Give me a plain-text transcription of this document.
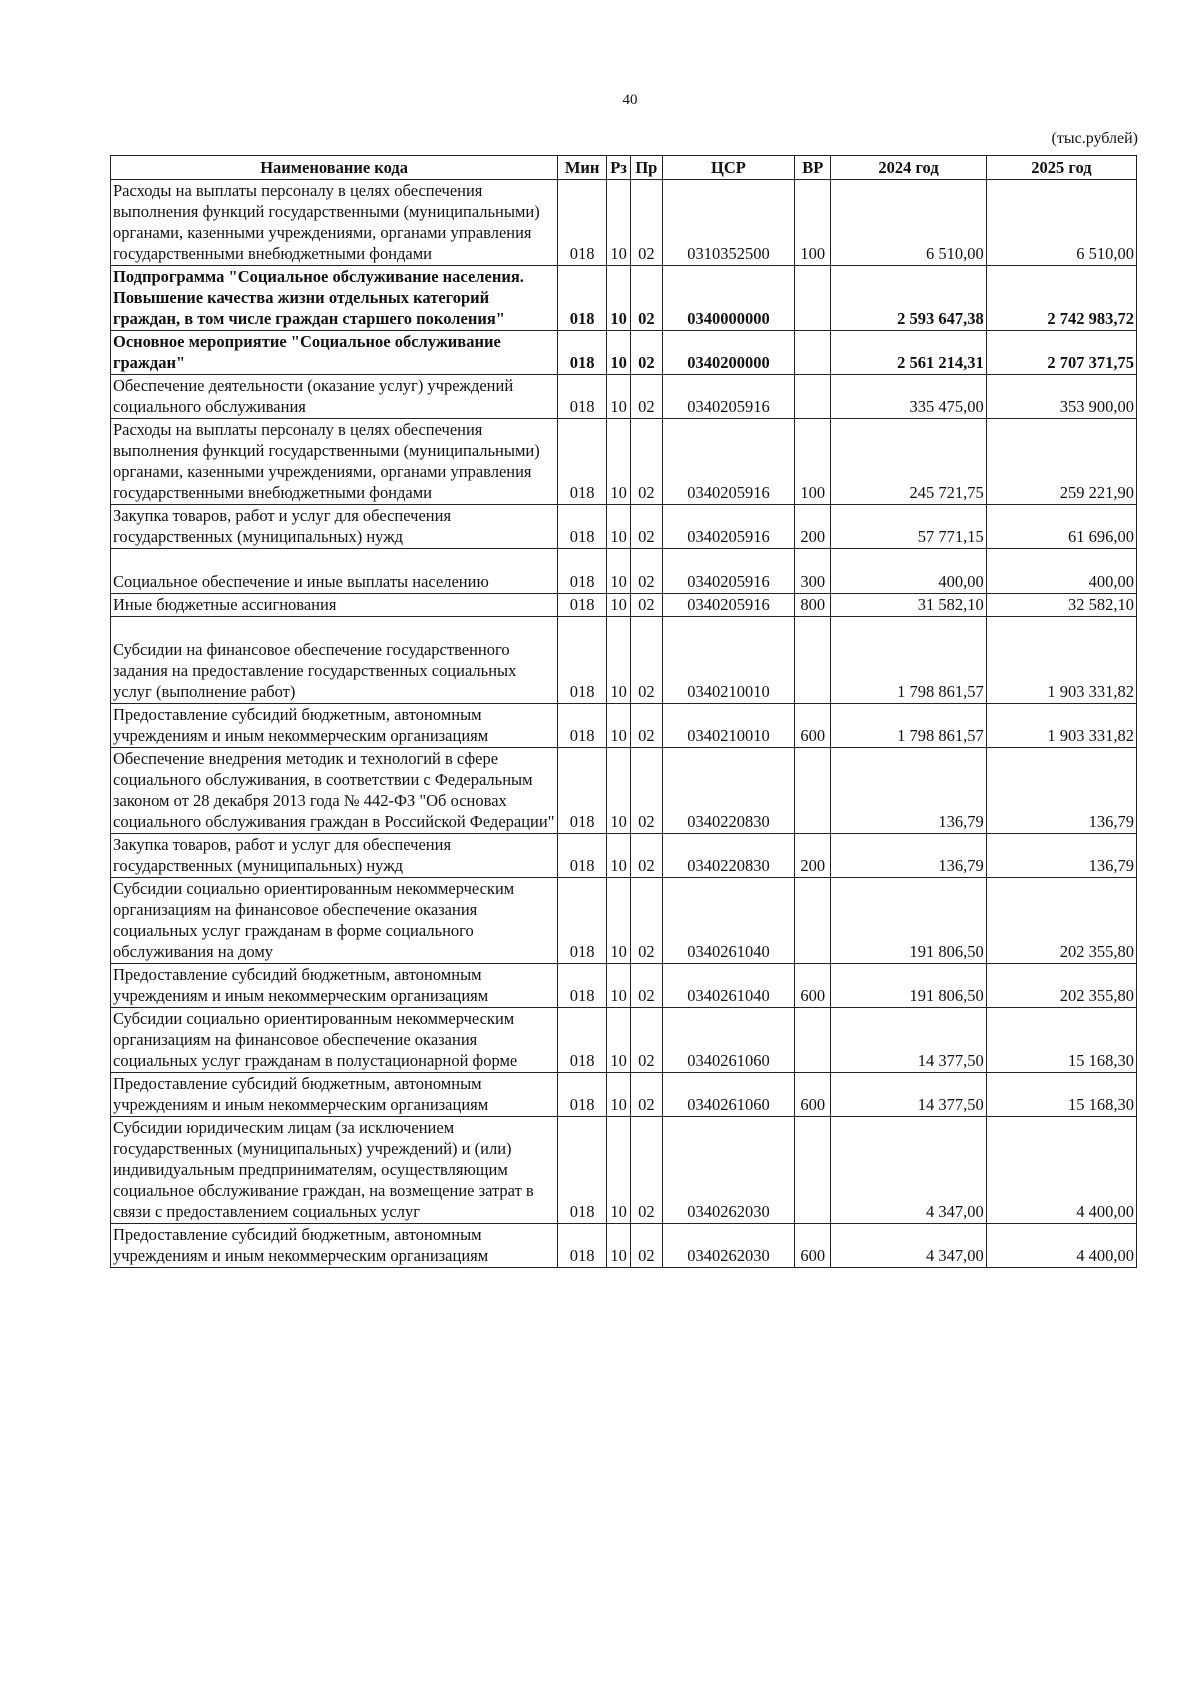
40
(тыс.рублей)
Наименование кода	Мин	Рз	Пр	ЦСР	ВР	2024 год	2025 год
Расходы на выплаты персоналу в целях обеспечения выполнения функций государственными (муниципальными) органами, казенными учреждениями, органами управления государственными внебюджетными фондами	018	10	02	0310352500	100	6 510,00	6 510,00
Подпрограмма "Социальное обслуживание населения. Повышение качества жизни отдельных категорий граждан, в том числе граждан старшего поколения"	018	10	02	0340000000		2 593 647,38	2 742 983,72
Основное мероприятие "Социальное обслуживание граждан"	018	10	02	0340200000		2 561 214,31	2 707 371,75
Обеспечение деятельности (оказание услуг) учреждений социального обслуживания	018	10	02	0340205916		335 475,00	353 900,00
Расходы на выплаты персоналу в целях обеспечения выполнения функций государственными (муниципальными) органами, казенными учреждениями, органами управления государственными внебюджетными фондами	018	10	02	0340205916	100	245 721,75	259 221,90
Закупка товаров, работ и услуг для обеспечения государственных (муниципальных) нужд	018	10	02	0340205916	200	57 771,15	61 696,00
Социальное обеспечение и иные выплаты населению	018	10	02	0340205916	300	400,00	400,00
Иные бюджетные ассигнования	018	10	02	0340205916	800	31 582,10	32 582,10
Субсидии на финансовое обеспечение государственного задания на предоставление государственных социальных услуг (выполнение работ)	018	10	02	0340210010		1 798 861,57	1 903 331,82
Предоставление субсидий бюджетным, автономным учреждениям и иным некоммерческим организациям	018	10	02	0340210010	600	1 798 861,57	1 903 331,82
Обеспечение внедрения методик и технологий в сфере социального обслуживания, в соответствии с Федеральным законом от 28 декабря 2013 года № 442-ФЗ "Об основах социального обслуживания граждан в Российской Федерации"	018	10	02	0340220830		136,79	136,79
Закупка товаров, работ и услуг для обеспечения государственных (муниципальных) нужд	018	10	02	0340220830	200	136,79	136,79
Субсидии социально ориентированным некоммерческим организациям на финансовое обеспечение оказания социальных услуг гражданам в форме социального обслуживания на дому	018	10	02	0340261040		191 806,50	202 355,80
Предоставление субсидий бюджетным, автономным учреждениям и иным некоммерческим организациям	018	10	02	0340261040	600	191 806,50	202 355,80
Субсидии социально ориентированным некоммерческим организациям на финансовое обеспечение оказания социальных услуг гражданам в полустационарной форме	018	10	02	0340261060		14 377,50	15 168,30
Предоставление субсидий бюджетным, автономным учреждениям и иным некоммерческим организациям	018	10	02	0340261060	600	14 377,50	15 168,30
Субсидии юридическим лицам (за исключением государственных (муниципальных) учреждений) и (или) индивидуальным предпринимателям, осуществляющим социальное обслуживание граждан, на возмещение затрат в связи с предоставлением социальных услуг	018	10	02	0340262030		4 347,00	4 400,00
Предоставление субсидий бюджетным, автономным учреждениям и иным некоммерческим организациям	018	10	02	0340262030	600	4 347,00	4 400,00
